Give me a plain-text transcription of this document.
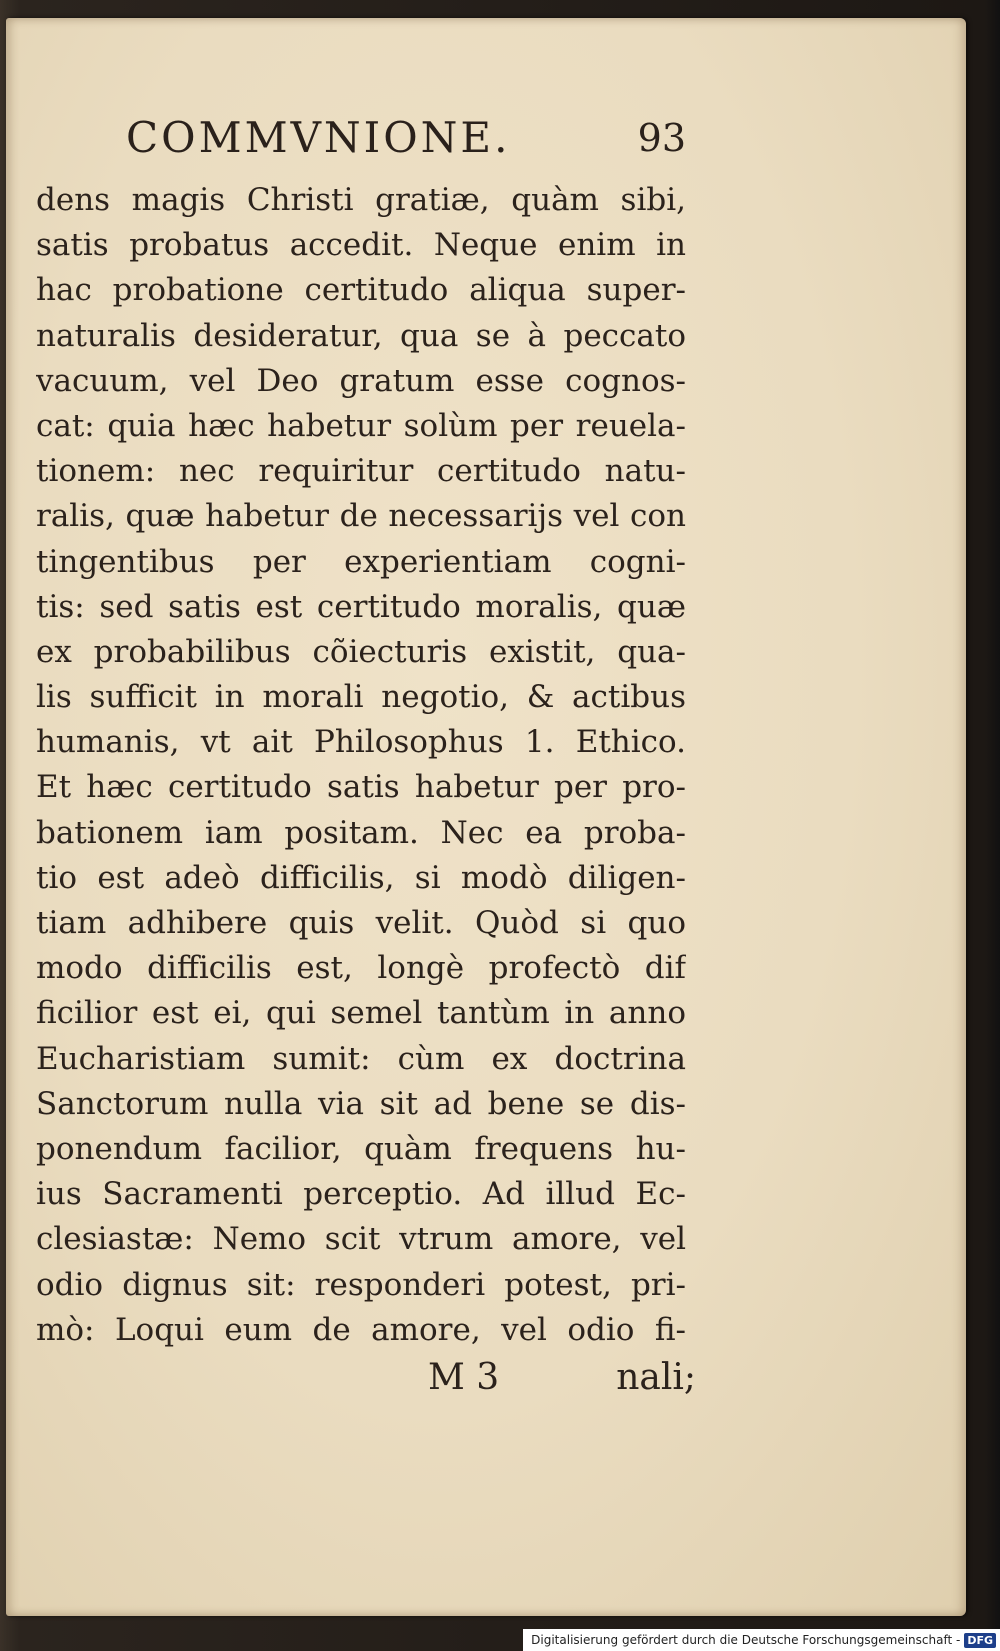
COMMVNIONE.	93
dens magis Christi gratiæ, quàm sibi,
satis probatus accedit. Neque enim in
hac probatione certitudo aliqua super-
naturalis desideratur, qua se à peccato
vacuum, vel Deo gratum esse cognos-
cat: quia hæc habetur solùm per reuela-
tionem: nec requiritur certitudo natu-
ralis, quæ habetur de necessarijs vel con
tingentibus per experientiam cogni-
tis: sed satis est certitudo moralis, quæ
ex probabilibus cõiecturis existit, qua-
lis sufficit in morali negotio, & actibus
humanis, vt ait Philosophus 1. Ethico.
Et hæc certitudo satis habetur per pro-
bationem iam positam. Nec ea proba-
tio est adeò difficilis, si modò diligen-
tiam adhibere quis velit. Quòd si quo
modo difficilis est, longè profectò dif
ficilior est ei, qui semel tantùm in anno
Eucharistiam sumit: cùm ex doctrina
Sanctorum nulla via sit ad bene se dis-
ponendum facilior, quàm frequens hu-
ius Sacramenti perceptio. Ad illud Ec-
clesiastæ: Nemo scit vtrum amore, vel
odio dignus sit: responderi potest, pri-
mò: Loqui eum de amore, vel odio fi-
M 3	nali;
Digitalisierung gefördert durch die Deutsche Forschungsgemeinschaft - DFG
